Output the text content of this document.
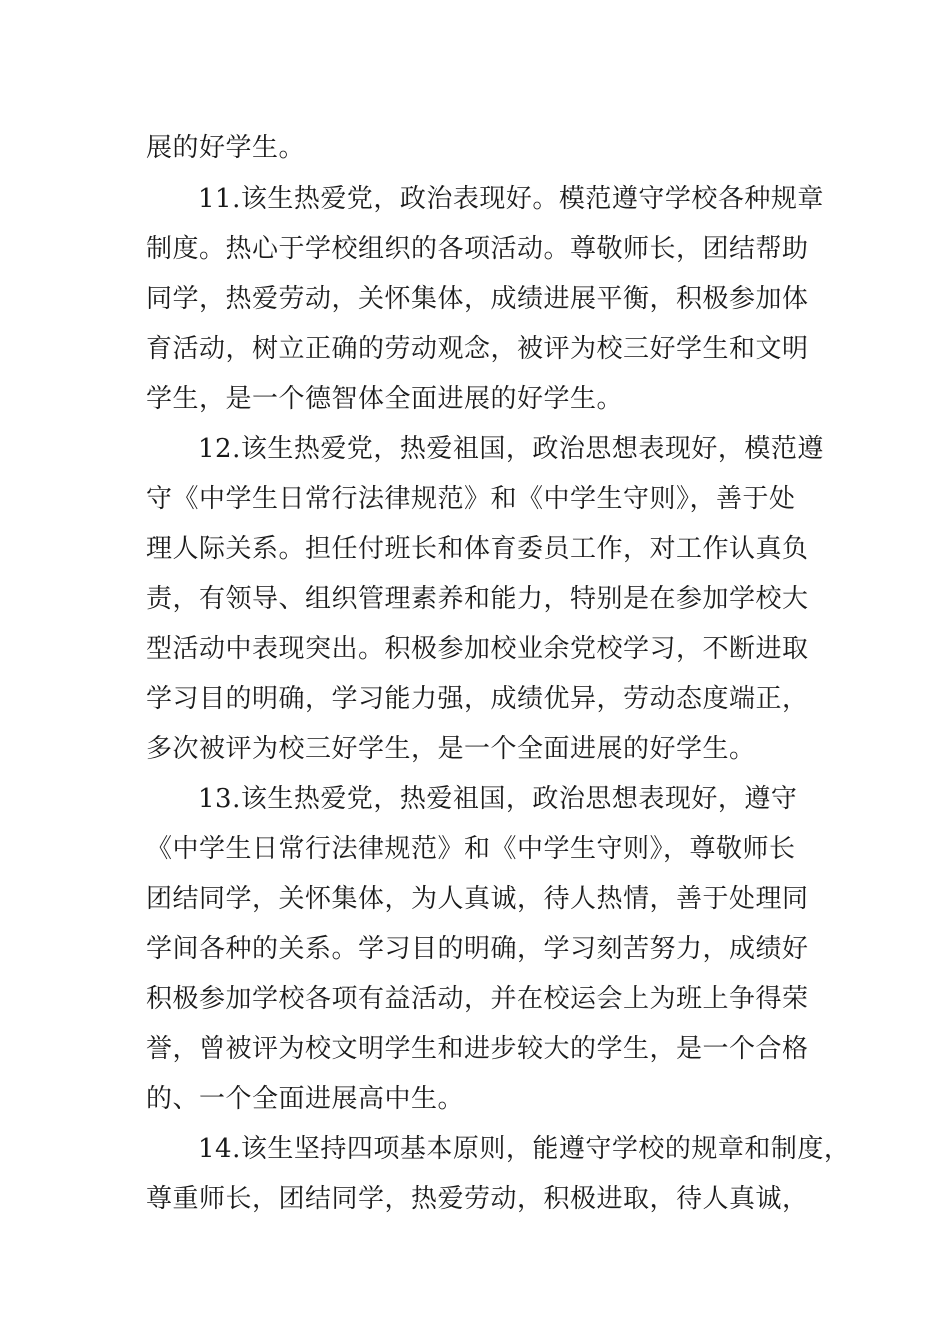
展的好学生。
11.该生热爱党，政治表现好。模范遵守学校各种规章
制度。热心于学校组织的各项活动。尊敬师长，团结帮助
同学，热爱劳动，关怀集体，成绩进展平衡，积极参加体
育活动，树立正确的劳动观念，被评为校三好学生和文明
学生，是一个德智体全面进展的好学生。
12.该生热爱党，热爱祖国，政治思想表现好，模范遵
守《中学生日常行法律规范》和《中学生守则》，善于处
理人际关系。担任付班长和体育委员工作，对工作认真负
责，有领导、组织管理素养和能力，特别是在参加学校大
型活动中表现突出。积极参加校业余党校学习，不断进取
学习目的明确，学习能力强，成绩优异，劳动态度端正，
多次被评为校三好学生，是一个全面进展的好学生。
13.该生热爱党，热爱祖国，政治思想表现好，遵守
《中学生日常行法律规范》和《中学生守则》，尊敬师长
团结同学，关怀集体，为人真诚，待人热情，善于处理同
学间各种的关系。学习目的明确，学习刻苦努力，成绩好
积极参加学校各项有益活动，并在校运会上为班上争得荣
誉，曾被评为校文明学生和进步较大的学生，是一个合格
的、一个全面进展高中生。
14.该生坚持四项基本原则，能遵守学校的规章和制度，
尊重师长，团结同学，热爱劳动，积极进取，待人真诚，
